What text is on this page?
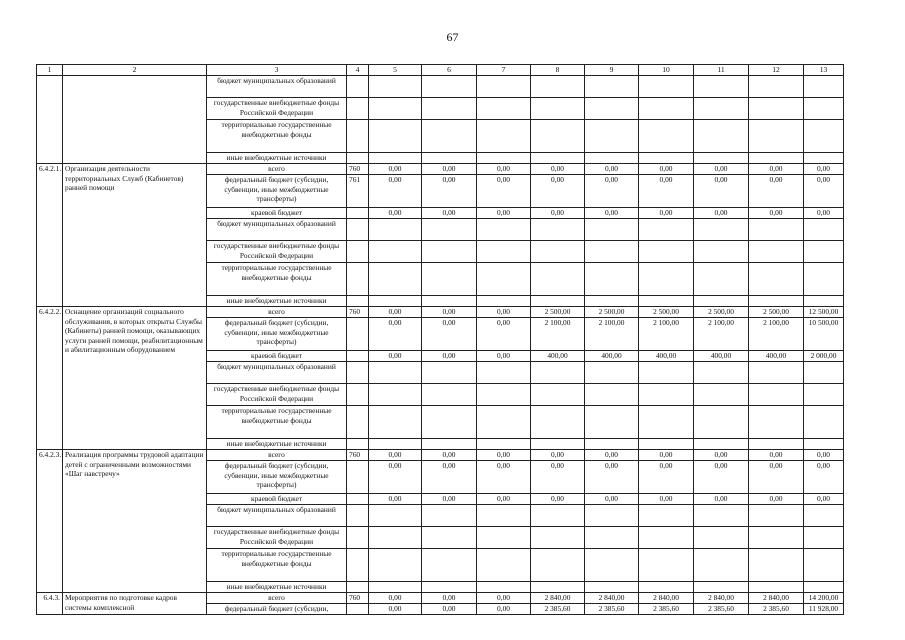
67
1	2	3	4	5	6	7	8	9	10	11	12	13
		бюджет муниципальных образований										
		государственные внебюджетные фонды Российской Федерации										
		территориальные государственные внебюджетные фонды										
		иные внебюджетные источники										
6.4.2.1.	Организация деятельности территориальных Служб (Кабинетов) ранней помощи	всего	760	0,00	0,00	0,00	0,00	0,00	0,00	0,00	0,00	0,00
		федеральный бюджет (субсидии, субвенции, иные межбюджетные трансферты)	761	0,00	0,00	0,00	0,00	0,00	0,00	0,00	0,00	0,00
		краевой бюджет		0,00	0,00	0,00	0,00	0,00	0,00	0,00	0,00	0,00
		бюджет муниципальных образований										
		государственные внебюджетные фонды Российской Федерации										
		территориальные государственные внебюджетные фонды										
		иные внебюджетные источники										
6.4.2.2.	Оснащение организаций социального обслуживания, в которых открыты Службы (Кабинеты) ранней помощи, оказывающих услуги ранней помощи, реабилитационным и абилитационным оборудованием	всего	760	0,00	0,00	0,00	2 500,00	2 500,00	2 500,00	2 500,00	2 500,00	12 500,00
		федеральный бюджет (субсидии, субвенции, иные межбюджетные трансферты)		0,00	0,00	0,00	2 100,00	2 100,00	2 100,00	2 100,00	2 100,00	10 500,00
		краевой бюджет		0,00	0,00	0,00	400,00	400,00	400,00	400,00	400,00	2 000,00
		бюджет муниципальных образований										
		государственные внебюджетные фонды Российской Федерации										
		территориальные государственные внебюджетные фонды										
		иные внебюджетные источники										
6.4.2.3.	Реализация программы трудовой адаптации детей с ограниченными возможностями «Шаг навстречу»	всего	760	0,00	0,00	0,00	0,00	0,00	0,00	0,00	0,00	0,00
		федеральный бюджет (субсидии, субвенции, иные межбюджетные трансферты)		0,00	0,00	0,00	0,00	0,00	0,00	0,00	0,00	0,00
		краевой бюджет		0,00	0,00	0,00	0,00	0,00	0,00	0,00	0,00	0,00
		бюджет муниципальных образований										
		государственные внебюджетные фонды Российской Федерации										
		территориальные государственные внебюджетные фонды										
		иные внебюджетные источники										
6.4.3.	Мероприятия по подготовке кадров системы комплексной	всего	760	0,00	0,00	0,00	2 840,00	2 840,00	2 840,00	2 840,00	2 840,00	14 200,00
		федеральный бюджет (субсидии,		0,00	0,00	0,00	2 385,60	2 385,60	2 385,60	2 385,60	2 385,60	11 928,00
